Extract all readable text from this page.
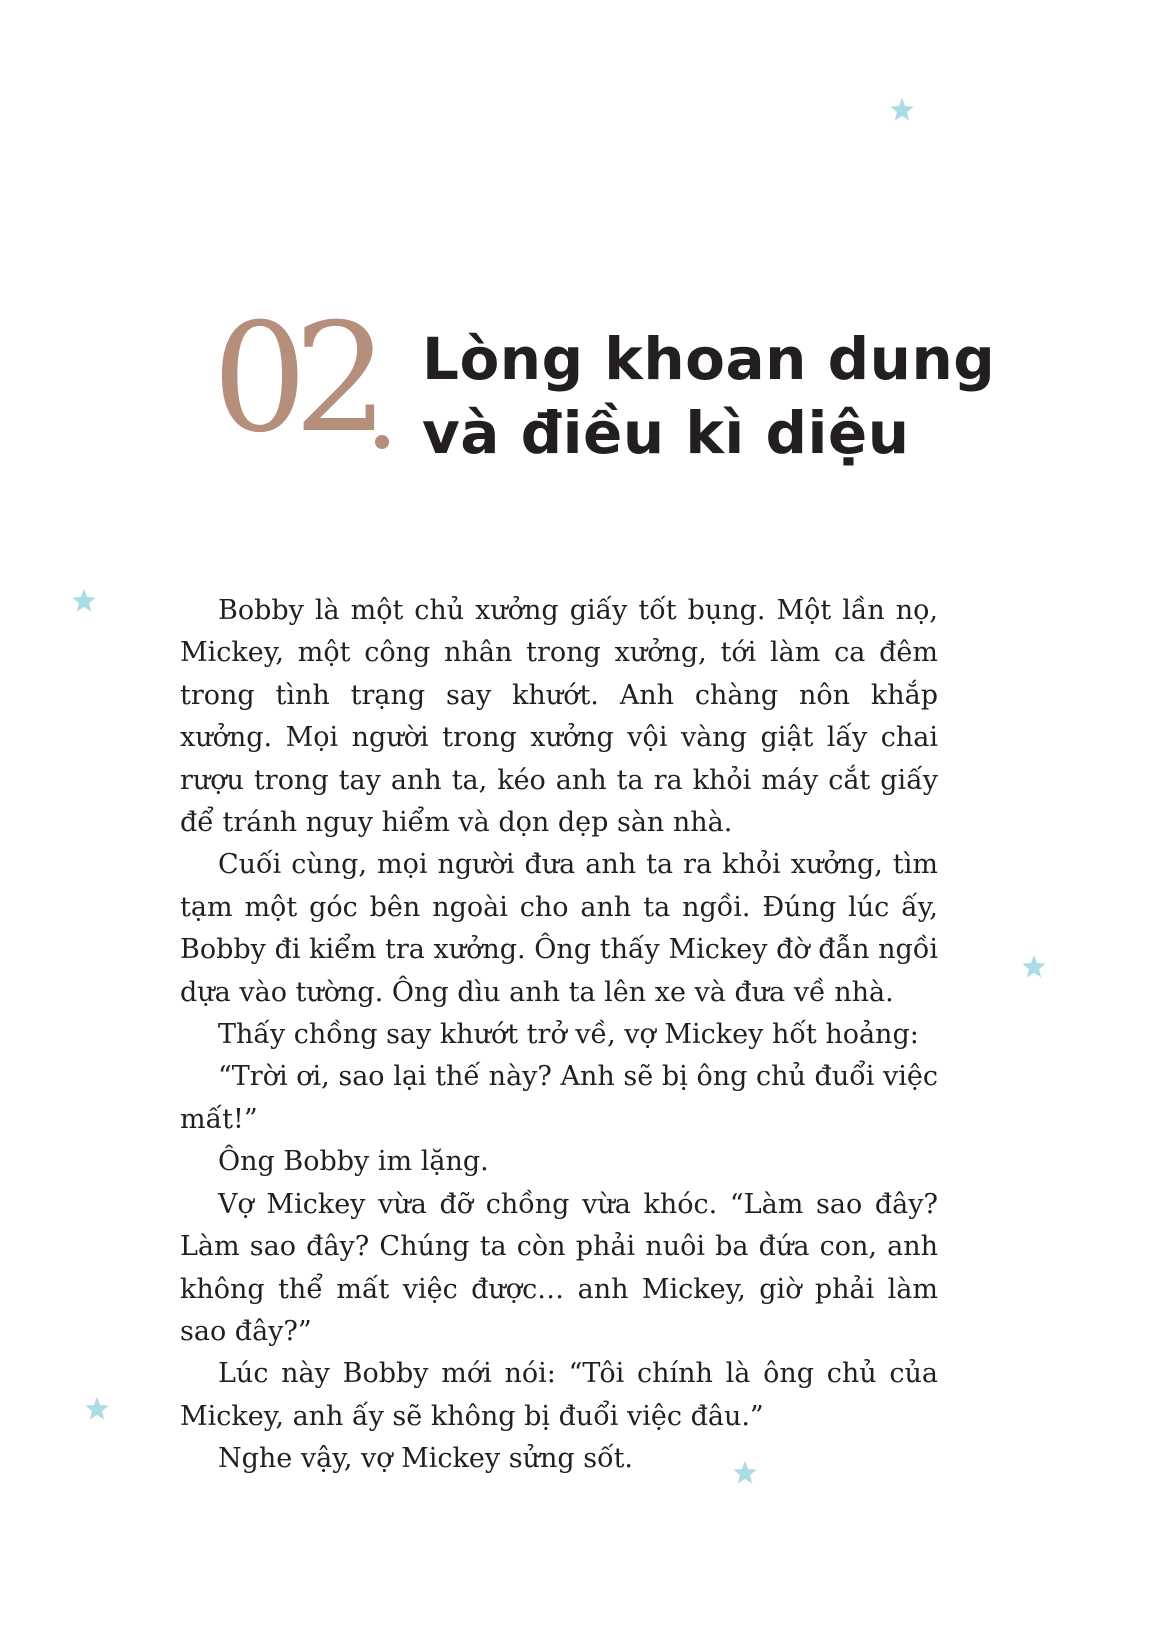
02 Lòng khoan dung
và điều kì diệu

Bobby là một chủ xưởng giấy tốt bụng. Một lần nọ, Mickey, một công nhân trong xưởng, tới làm ca đêm trong tình trạng say khướt. Anh chàng nôn khắp xưởng. Mọi người trong xưởng vội vàng giật lấy chai rượu trong tay anh ta, kéo anh ta ra khỏi máy cắt giấy để tránh nguy hiểm và dọn dẹp sàn nhà.

Cuối cùng, mọi người đưa anh ta ra khỏi xưởng, tìm tạm một góc bên ngoài cho anh ta ngồi. Đúng lúc ấy, Bobby đi kiểm tra xưởng. Ông thấy Mickey đờ đẫn ngồi dựa vào tường. Ông dìu anh ta lên xe và đưa về nhà.

Thấy chồng say khướt trở về, vợ Mickey hốt hoảng:

“Trời ơi, sao lại thế này? Anh sẽ bị ông chủ đuổi việc mất!”

Ông Bobby im lặng.

Vợ Mickey vừa đỡ chồng vừa khóc. “Làm sao đây? Làm sao đây? Chúng ta còn phải nuôi ba đứa con, anh không thể mất việc được… anh Mickey, giờ phải làm sao đây?”

Lúc này Bobby mới nói: “Tôi chính là ông chủ của Mickey, anh ấy sẽ không bị đuổi việc đâu.”

Nghe vậy, vợ Mickey sửng sốt.
